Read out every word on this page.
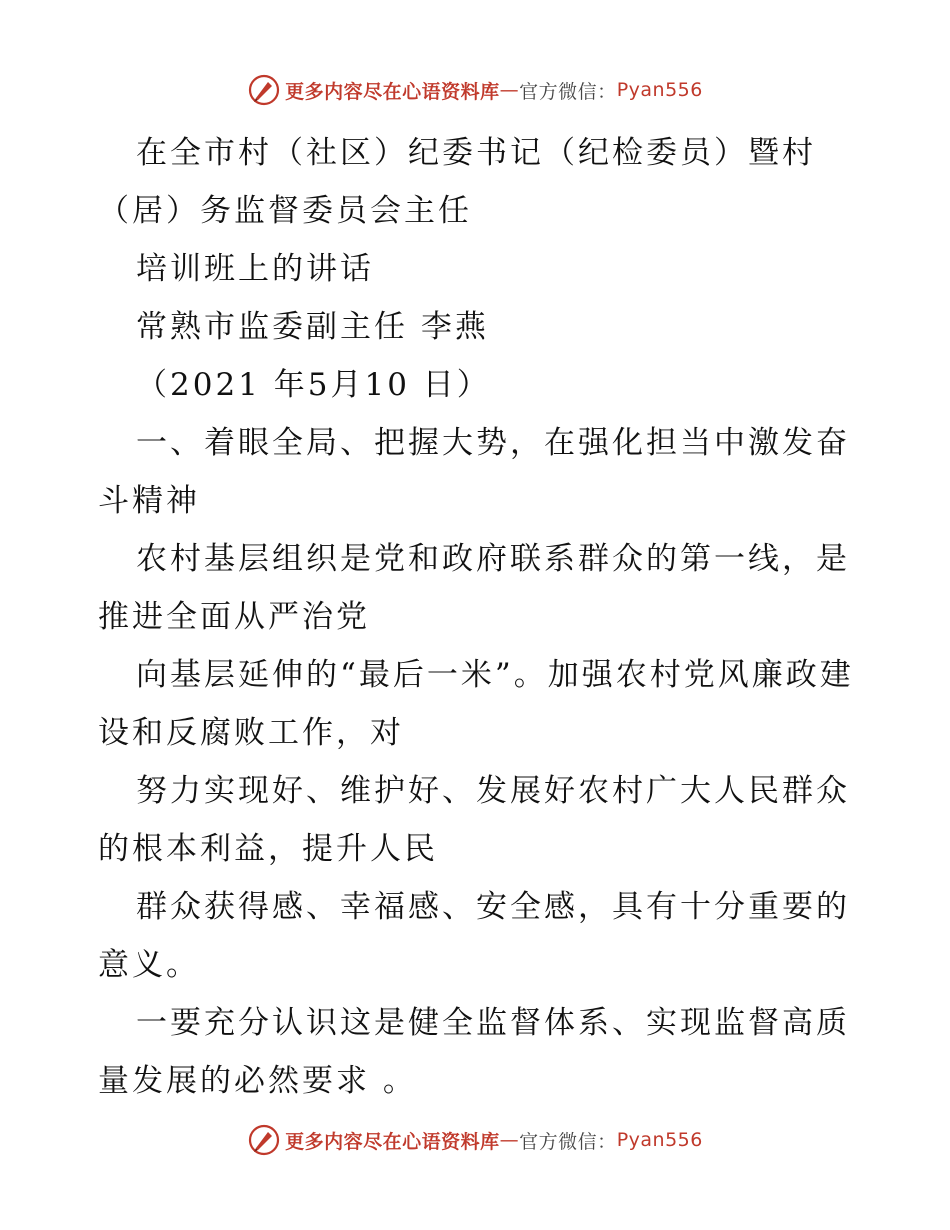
更多内容尽在心语资料库 — 官方微信： Pyan556

在全市村（社区）纪委书记（纪检委员）暨村（居）务监督委员会主任

培训班上的讲话

常熟市监委副主任 李燕

（2021 年5月10 日）

一、着眼全局、把握大势，在强化担当中激发奋斗精神

农村基层组织是党和政府联系群众的第一线，是推进全面从严治党

向基层延伸的“最后一米”。加强农村党风廉政建设和反腐败工作，对

努力实现好、维护好、发展好农村广大人民群众的根本利益，提升人民

群众获得感、幸福感、安全感，具有十分重要的意义。

一要充分认识这是健全监督体系、实现监督高质量发展的必然要求 。

更多内容尽在心语资料库 — 官方微信： Pyan556
